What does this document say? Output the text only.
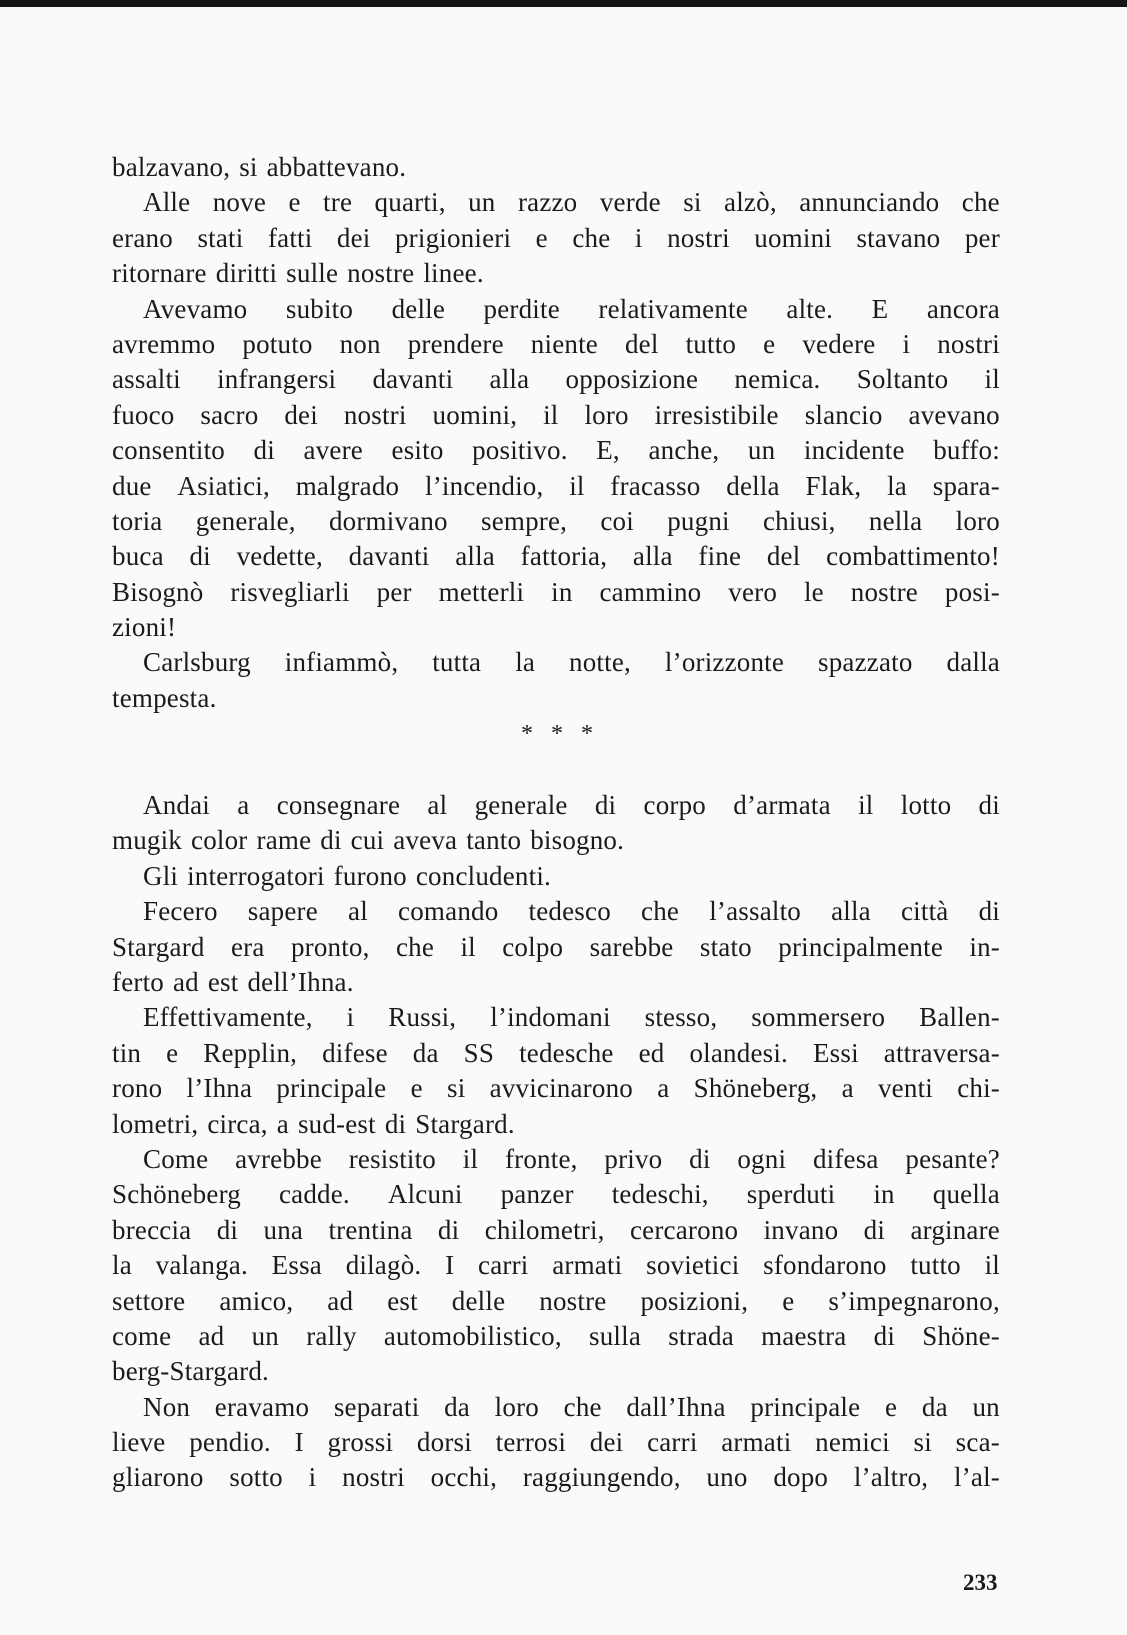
balzavano, si abbattevano.
Alle nove e tre quarti, un razzo verde si alzò, annunciando che
erano stati fatti dei prigionieri e che i nostri uomini stavano per
ritornare diritti sulle nostre linee.
Avevamo subito delle perdite relativamente alte. E ancora
avremmo potuto non prendere niente del tutto e vedere i nostri
assalti infrangersi davanti alla opposizione nemica. Soltanto il
fuoco sacro dei nostri uomini, il loro irresistibile slancio avevano
consentito di avere esito positivo. E, anche, un incidente buffo:
due Asiatici, malgrado l’incendio, il fracasso della Flak, la spara-
toria generale, dormivano sempre, coi pugni chiusi, nella loro
buca di vedette, davanti alla fattoria, alla fine del combattimento!
Bisognò risvegliarli per metterli in cammino vero le nostre posi-
zioni!
Carlsburg infiammò, tutta la notte, l’orizzonte spazzato dalla
tempesta.
* * *
Andai a consegnare al generale di corpo d’armata il lotto di
mugik color rame di cui aveva tanto bisogno.
Gli interrogatori furono concludenti.
Fecero sapere al comando tedesco che l’assalto alla città di
Stargard era pronto, che il colpo sarebbe stato principalmente in-
ferto ad est dell’Ihna.
Effettivamente, i Russi, l’indomani stesso, sommersero Ballen-
tin e Repplin, difese da SS tedesche ed olandesi. Essi attraversa-
rono l’Ihna principale e si avvicinarono a Shöneberg, a venti chi-
lometri, circa, a sud-est di Stargard.
Come avrebbe resistito il fronte, privo di ogni difesa pesante?
Schöneberg cadde. Alcuni panzer tedeschi, sperduti in quella
breccia di una trentina di chilometri, cercarono invano di arginare
la valanga. Essa dilagò. I carri armati sovietici sfondarono tutto il
settore amico, ad est delle nostre posizioni, e s’impegnarono,
come ad un rally automobilistico, sulla strada maestra di Shöne-
berg-Stargard.
Non eravamo separati da loro che dall’Ihna principale e da un
lieve pendio. I grossi dorsi terrosi dei carri armati nemici si sca-
gliarono sotto i nostri occhi, raggiungendo, uno dopo l’altro, l’al-
233
